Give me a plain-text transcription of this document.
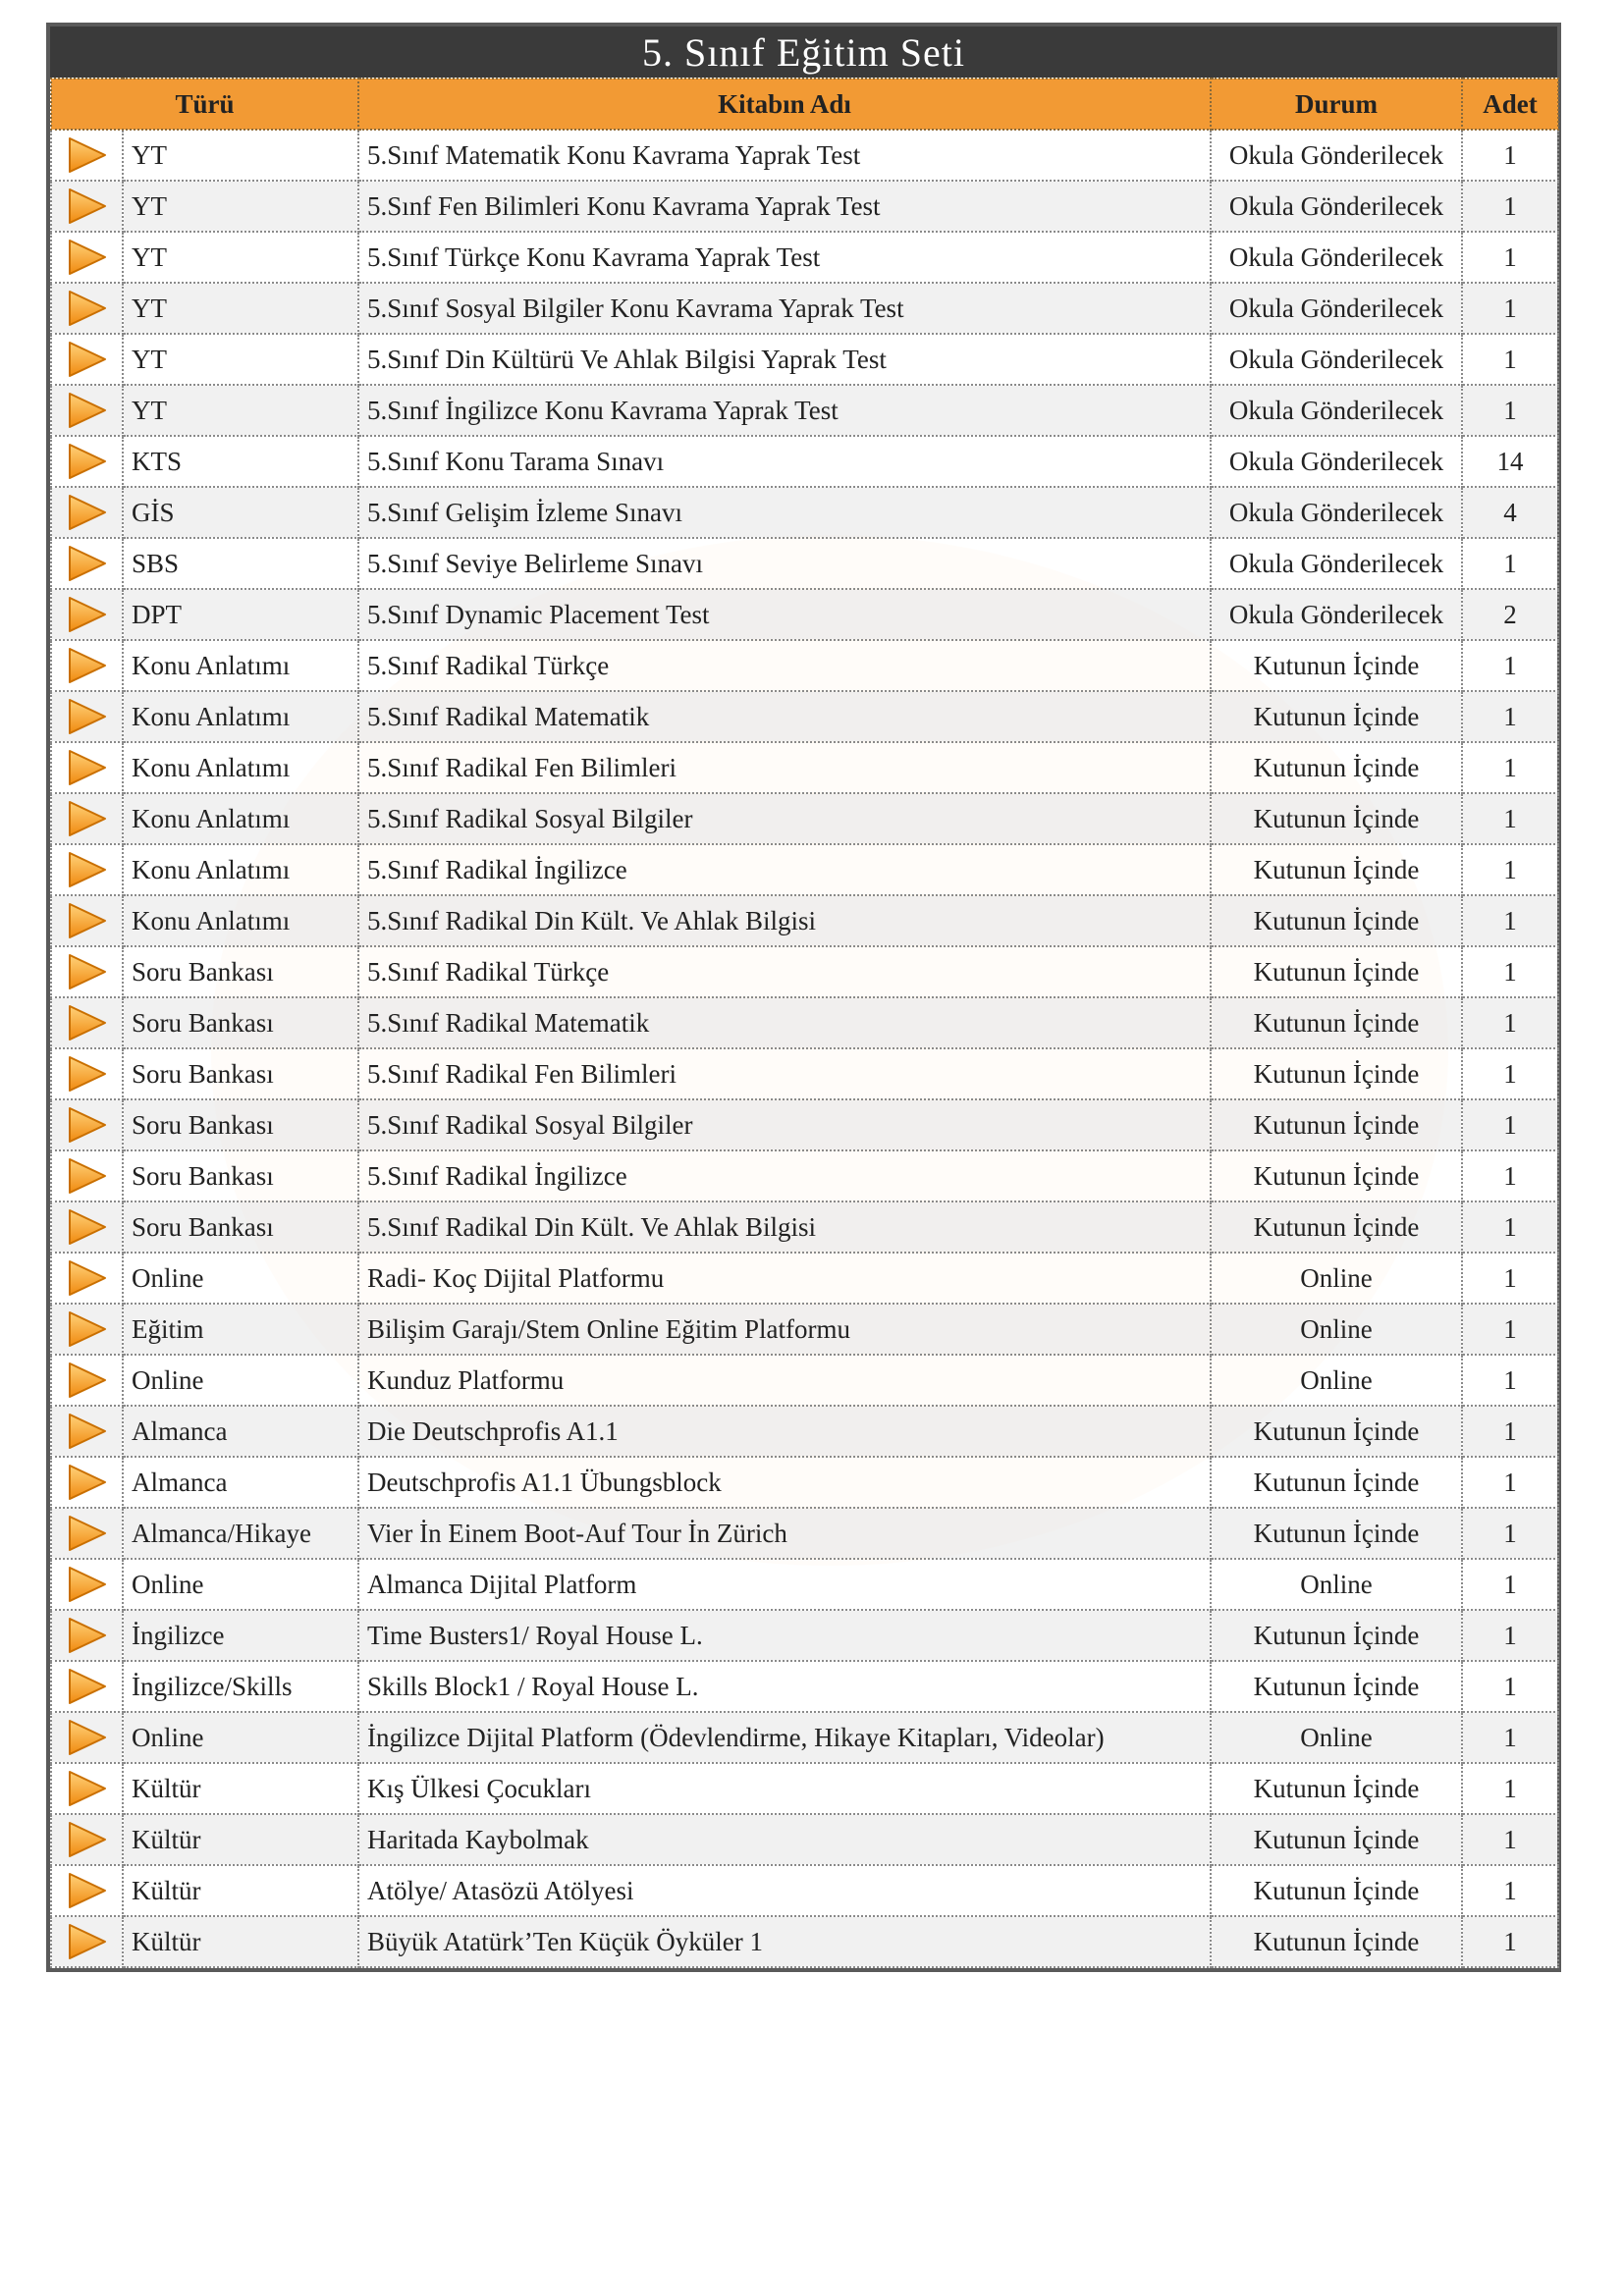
5. Sınıf Eğitim Seti
Türü		Kitabın Adı	Durum	Adet
	YT	5.Sınıf Matematik Konu Kavrama Yaprak Test	Okula Gönderilecek	1
	YT	5.Sınf Fen Bilimleri Konu Kavrama Yaprak Test	Okula Gönderilecek	1
	YT	5.Sınıf Türkçe Konu Kavrama Yaprak Test	Okula Gönderilecek	1
	YT	5.Sınıf Sosyal Bilgiler Konu Kavrama Yaprak Test	Okula Gönderilecek	1
	YT	5.Sınıf Din Kültürü Ve Ahlak Bilgisi Yaprak Test	Okula Gönderilecek	1
	YT	5.Sınıf İngilizce Konu Kavrama Yaprak Test	Okula Gönderilecek	1
	KTS	5.Sınıf Konu Tarama Sınavı	Okula Gönderilecek	14
	GİS	5.Sınıf Gelişim İzleme Sınavı	Okula Gönderilecek	4
	SBS	5.Sınıf Seviye Belirleme Sınavı	Okula Gönderilecek	1
	DPT	5.Sınıf Dynamic Placement Test	Okula Gönderilecek	2
	Konu Anlatımı	5.Sınıf Radikal Türkçe	Kutunun İçinde	1
	Konu Anlatımı	5.Sınıf Radikal Matematik	Kutunun İçinde	1
	Konu Anlatımı	5.Sınıf Radikal Fen Bilimleri	Kutunun İçinde	1
	Konu Anlatımı	5.Sınıf Radikal Sosyal Bilgiler	Kutunun İçinde	1
	Konu Anlatımı	5.Sınıf Radikal İngilizce	Kutunun İçinde	1
	Konu Anlatımı	5.Sınıf Radikal Din Kült. Ve Ahlak Bilgisi	Kutunun İçinde	1
	Soru Bankası	5.Sınıf Radikal Türkçe	Kutunun İçinde	1
	Soru Bankası	5.Sınıf Radikal Matematik	Kutunun İçinde	1
	Soru Bankası	5.Sınıf Radikal Fen Bilimleri	Kutunun İçinde	1
	Soru Bankası	5.Sınıf Radikal Sosyal Bilgiler	Kutunun İçinde	1
	Soru Bankası	5.Sınıf Radikal İngilizce	Kutunun İçinde	1
	Soru Bankası	5.Sınıf Radikal Din Kült. Ve Ahlak Bilgisi	Kutunun İçinde	1
	Online	Radi- Koç Dijital Platformu	Online	1
	Eğitim	Bilişim Garajı/Stem Online Eğitim Platformu	Online	1
	Online	Kunduz Platformu	Online	1
	Almanca	Die Deutschprofis A1.1	Kutunun İçinde	1
	Almanca	Deutschprofis A1.1 Übungsblock	Kutunun İçinde	1
	Almanca/Hikaye	Vier İn Einem Boot-Auf Tour İn Zürich	Kutunun İçinde	1
	Online	Almanca Dijital Platform	Online	1
	İngilizce	Time Busters1/ Royal House L.	Kutunun İçinde	1
	İngilizce/Skills	Skills Block1 / Royal House L.	Kutunun İçinde	1
	Online	İngilizce Dijital Platform (Ödevlendirme, Hikaye Kitapları, Videolar)	Online	1
	Kültür	Kış Ülkesi Çocukları	Kutunun İçinde	1
	Kültür	Haritada Kaybolmak	Kutunun İçinde	1
	Kültür	Atölye/ Atasözü Atölyesi	Kutunun İçinde	1
	Kültür	Büyük Atatürk’Ten Küçük Öyküler 1	Kutunun İçinde	1
